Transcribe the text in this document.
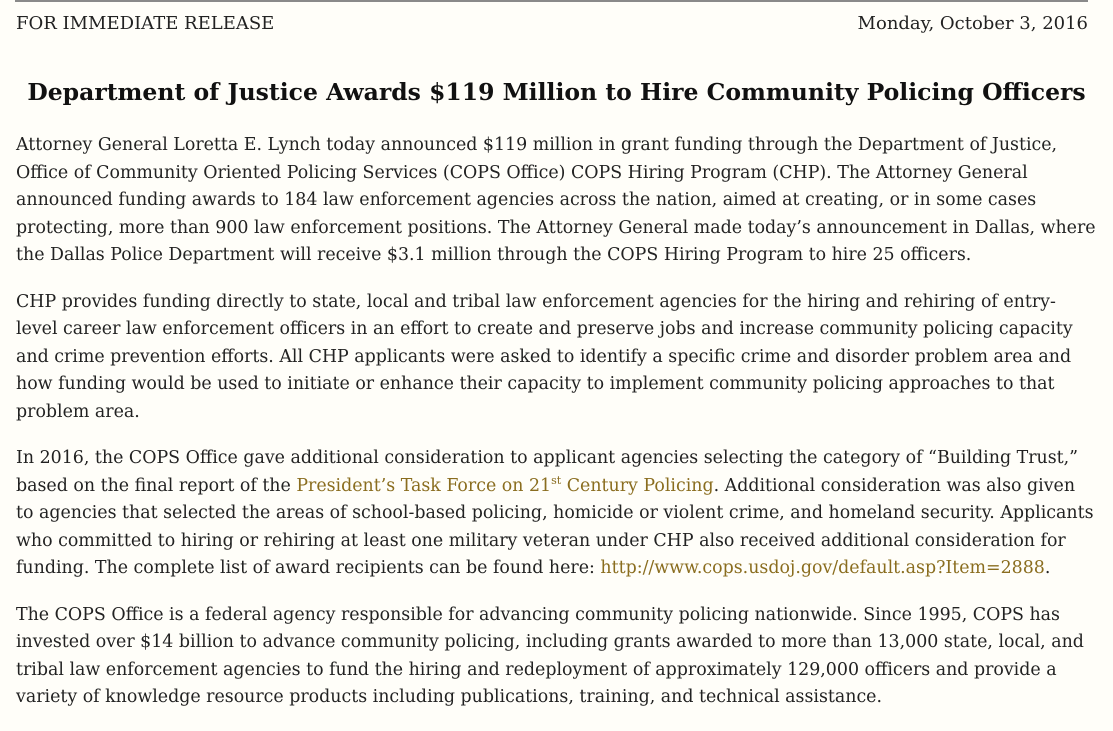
FOR IMMEDIATE RELEASE	Monday, October 3, 2016
Department of Justice Awards $119 Million to Hire Community Policing Officers

Attorney General Loretta E. Lynch today announced $119 million in grant funding through the Department of Justice, Office of Community Oriented Policing Services (COPS Office) COPS Hiring Program (CHP). The Attorney General announced funding awards to 184 law enforcement agencies across the nation, aimed at creating, or in some cases protecting, more than 900 law enforcement positions. The Attorney General made today’s announcement in Dallas, where the Dallas Police Department will receive $3.1 million through the COPS Hiring Program to hire 25 officers.

CHP provides funding directly to state, local and tribal law enforcement agencies for the hiring and rehiring of entry-level career law enforcement officers in an effort to create and preserve jobs and increase community policing capacity and crime prevention efforts. All CHP applicants were asked to identify a specific crime and disorder problem area and how funding would be used to initiate or enhance their capacity to implement community policing approaches to that problem area.

In 2016, the COPS Office gave additional consideration to applicant agencies selecting the category of “Building Trust,” based on the final report of the President’s Task Force on 21st Century Policing. Additional consideration was also given to agencies that selected the areas of school-based policing, homicide or violent crime, and homeland security. Applicants who committed to hiring or rehiring at least one military veteran under CHP also received additional consideration for funding. The complete list of award recipients can be found here: http://www.cops.usdoj.gov/default.asp?Item=2888.

The COPS Office is a federal agency responsible for advancing community policing nationwide. Since 1995, COPS has invested over $14 billion to advance community policing, including grants awarded to more than 13,000 state, local, and tribal law enforcement agencies to fund the hiring and redeployment of approximately 129,000 officers and provide a variety of knowledge resource products including publications, training, and technical assistance.
